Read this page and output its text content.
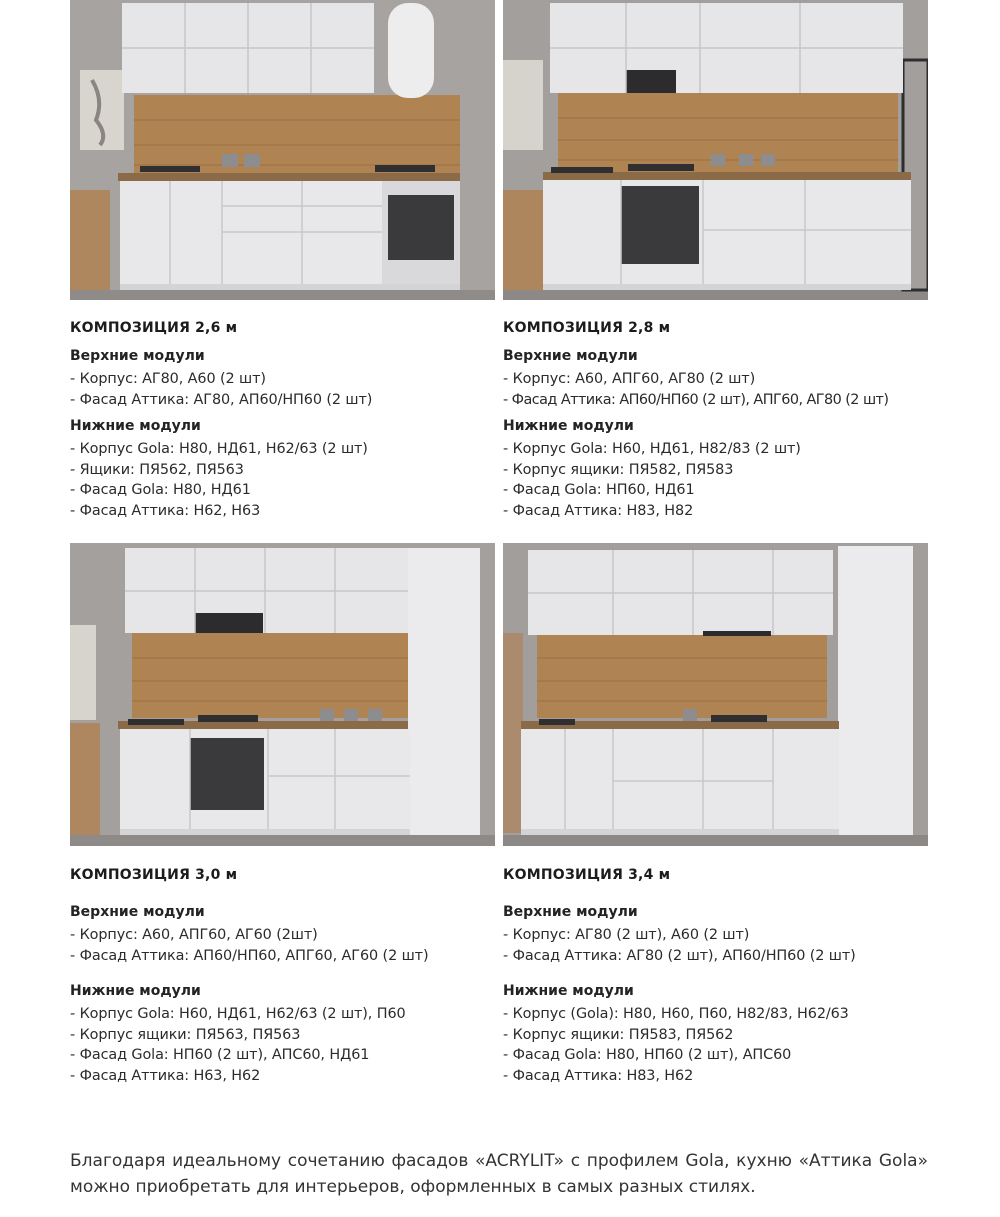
КОМПОЗИЦИЯ 2,6 м
Верхние модули
- Корпус: АГ80, А60 (2 шт)
- Фасад Аттика: АГ80, АП60/НП60 (2 шт)
Нижние модули
- Корпус Gola: Н80, НД61, Н62/63 (2 шт)
- Ящики: ПЯ562, ПЯ563
- Фасад Gola: Н80, НД61
- Фасад Аттика: Н62, Н63
КОМПОЗИЦИЯ 2,8 м
Верхние модули
- Корпус: А60, АПГ60, АГ80 (2 шт)
- Фасад Аттика: АП60/НП60 (2 шт), АПГ60, АГ80 (2 шт)
Нижние модули
- Корпус Gola: Н60, НД61, Н82/83 (2 шт)
- Корпус ящики: ПЯ582, ПЯ583
- Фасад Gola: НП60, НД61
- Фасад Аттика: Н83, Н82
КОМПОЗИЦИЯ 3,0 м
Верхние модули
- Корпус: А60, АПГ60, АГ60 (2шт)
- Фасад Аттика: АП60/НП60, АПГ60, АГ60 (2 шт)
Нижние модули
- Корпус Gola: Н60, НД61, Н62/63 (2 шт), П60
- Корпус ящики: ПЯ563, ПЯ563
- Фасад Gola: НП60 (2 шт), АПС60, НД61
- Фасад Аттика: Н63, Н62
КОМПОЗИЦИЯ 3,4 м
Верхние модули
- Корпус: АГ80 (2 шт), А60 (2 шт)
- Фасад Аттика: АГ80 (2 шт), АП60/НП60 (2 шт)
Нижние модули
- Корпус (Gola): Н80, Н60, П60, Н82/83, Н62/63
- Корпус ящики: ПЯ583, ПЯ562
- Фасад Gola: Н80, НП60 (2 шт), АПС60
- Фасад Аттика: Н83, Н62

Благодаря идеальному сочетанию фасадов «ACRYLIT» с профилем Gola, кухню «Аттика Gola» можно приобретать для интерьеров, оформленных в самых разных стилях.
